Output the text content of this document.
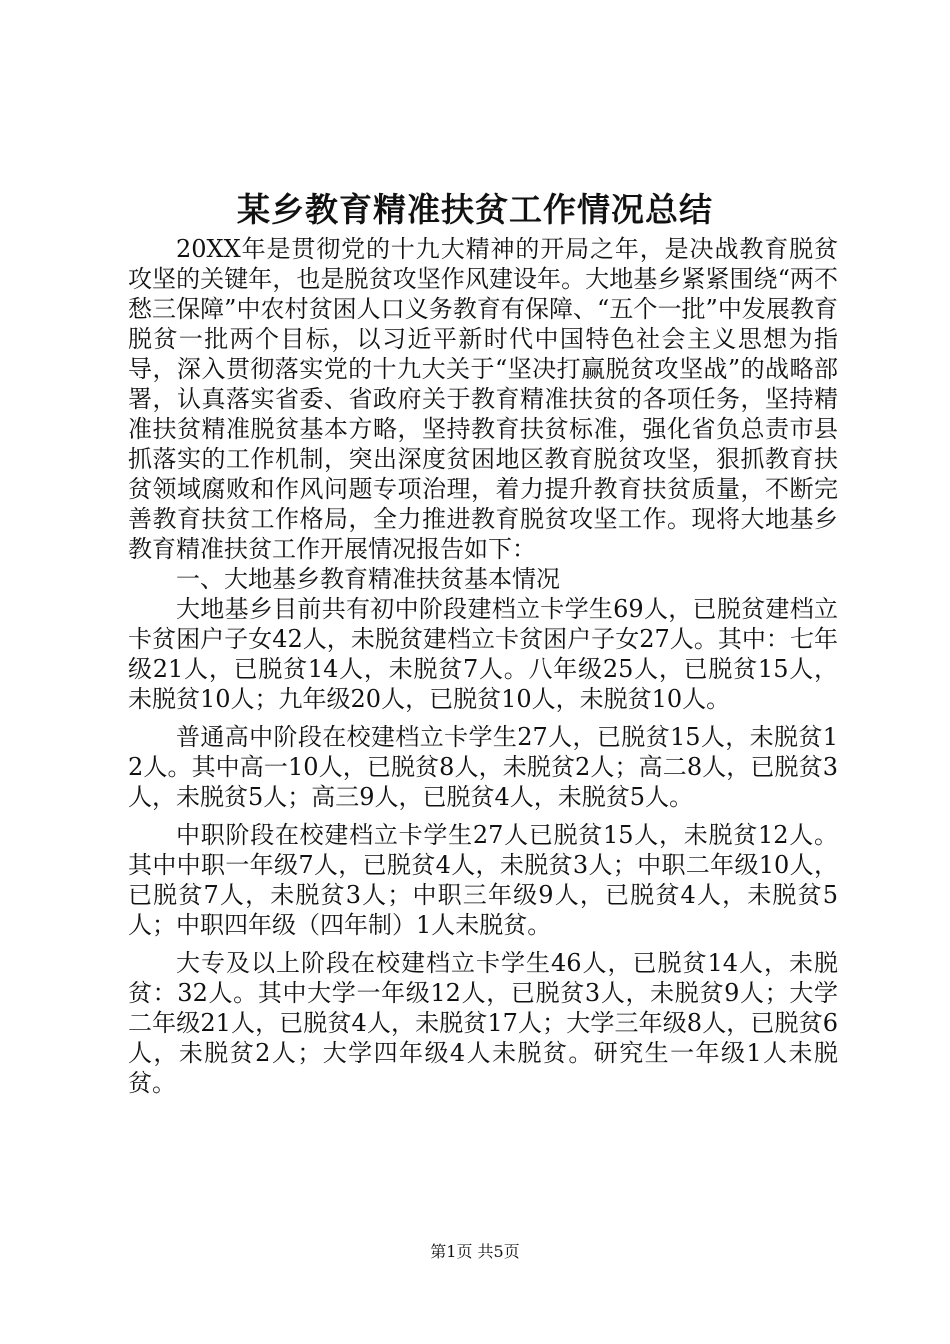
某乡教育精准扶贫工作情况总结

20XX年是贯彻党的十九大精神的开局之年，是决战教育脱贫攻坚的关键年，也是脱贫攻坚作风建设年。大地基乡紧紧围绕“两不愁三保障”中农村贫困人口义务教育有保障、“五个一批”中发展教育脱贫一批两个目标，以习近平新时代中国特色社会主义思想为指导，深入贯彻落实党的十九大关于“坚决打赢脱贫攻坚战”的战略部署，认真落实省委、省政府关于教育精准扶贫的各项任务，坚持精准扶贫精准脱贫基本方略，坚持教育扶贫标准，强化省负总责市县抓落实的工作机制，突出深度贫困地区教育脱贫攻坚，狠抓教育扶贫领域腐败和作风问题专项治理，着力提升教育扶贫质量，不断完善教育扶贫工作格局，全力推进教育脱贫攻坚工作。现将大地基乡教育精准扶贫工作开展情况报告如下：

一、大地基乡教育精准扶贫基本情况

大地基乡目前共有初中阶段建档立卡学生69人，已脱贫建档立卡贫困户子女42人，未脱贫建档立卡贫困户子女27人。其中：七年级21人，已脱贫14人，未脱贫7人。八年级25人，已脱贫15人，未脱贫10人；九年级20人，已脱贫10人，未脱贫10人。

普通高中阶段在校建档立卡学生27人，已脱贫15人，未脱贫12人。其中高一10人，已脱贫8人，未脱贫2人；高二8人，已脱贫3人，未脱贫5人；高三9人，已脱贫4人，未脱贫5人。

中职阶段在校建档立卡学生27人已脱贫15人，未脱贫12人。其中中职一年级7人，已脱贫4人，未脱贫3人；中职二年级10人，已脱贫7人，未脱贫3人；中职三年级9人，已脱贫4人，未脱贫5人；中职四年级（四年制）1人未脱贫。

大专及以上阶段在校建档立卡学生46人，已脱贫14人，未脱贫：32人。其中大学一年级12人，已脱贫3人，未脱贫9人；大学二年级21人，已脱贫4人，未脱贫17人；大学三年级8人，已脱贫6人，未脱贫2人；大学四年级4人未脱贫。研究生一年级1人未脱贫。

第1页 共5页
